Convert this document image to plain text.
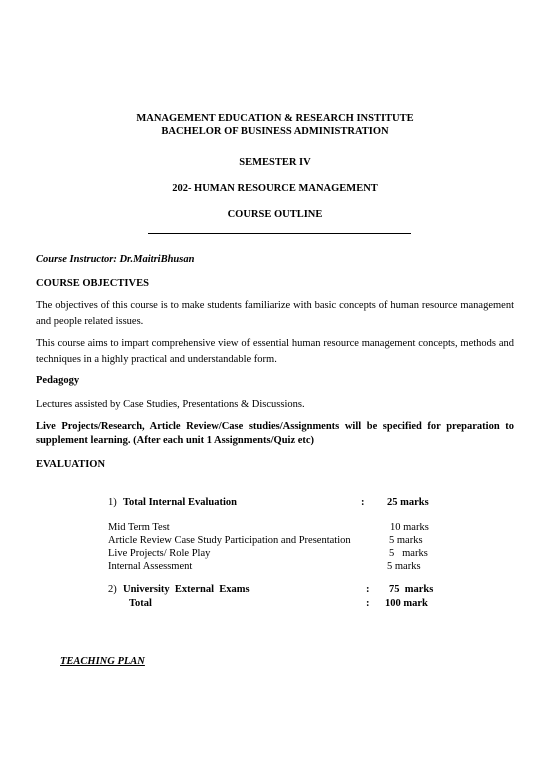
MANAGEMENT EDUCATION & RESEARCH INSTITUTE
BACHELOR OF BUSINESS ADMINISTRATION
SEMESTER IV
202- HUMAN RESOURCE MANAGEMENT
COURSE OUTLINE
Course Instructor: Dr.MaitriBhusan
COURSE OBJECTIVES
The objectives of this course is to make students familiarize with basic concepts of human resource management and people related issues.
This course aims to impart comprehensive view of essential human resource management concepts, methods and techniques in a highly practical and understandable form.
Pedagogy
Lectures assisted by Case Studies, Presentations & Discussions.
Live Projects/Research, Article Review/Case studies/Assignments will be specified for preparation to supplement learning. (After each unit 1 Assignments/Quiz etc)
EVALUATION
1) Total Internal Evaluation	: 25 marks
Mid Term Test	10 marks
Article Review Case Study Participation and Presentation	5 marks
Live Projects/ Role Play	5   marks
Internal Assessment	5 marks
2) University  External  Exams	: 75  marks
Total	: 100 mark
TEACHING PLAN
